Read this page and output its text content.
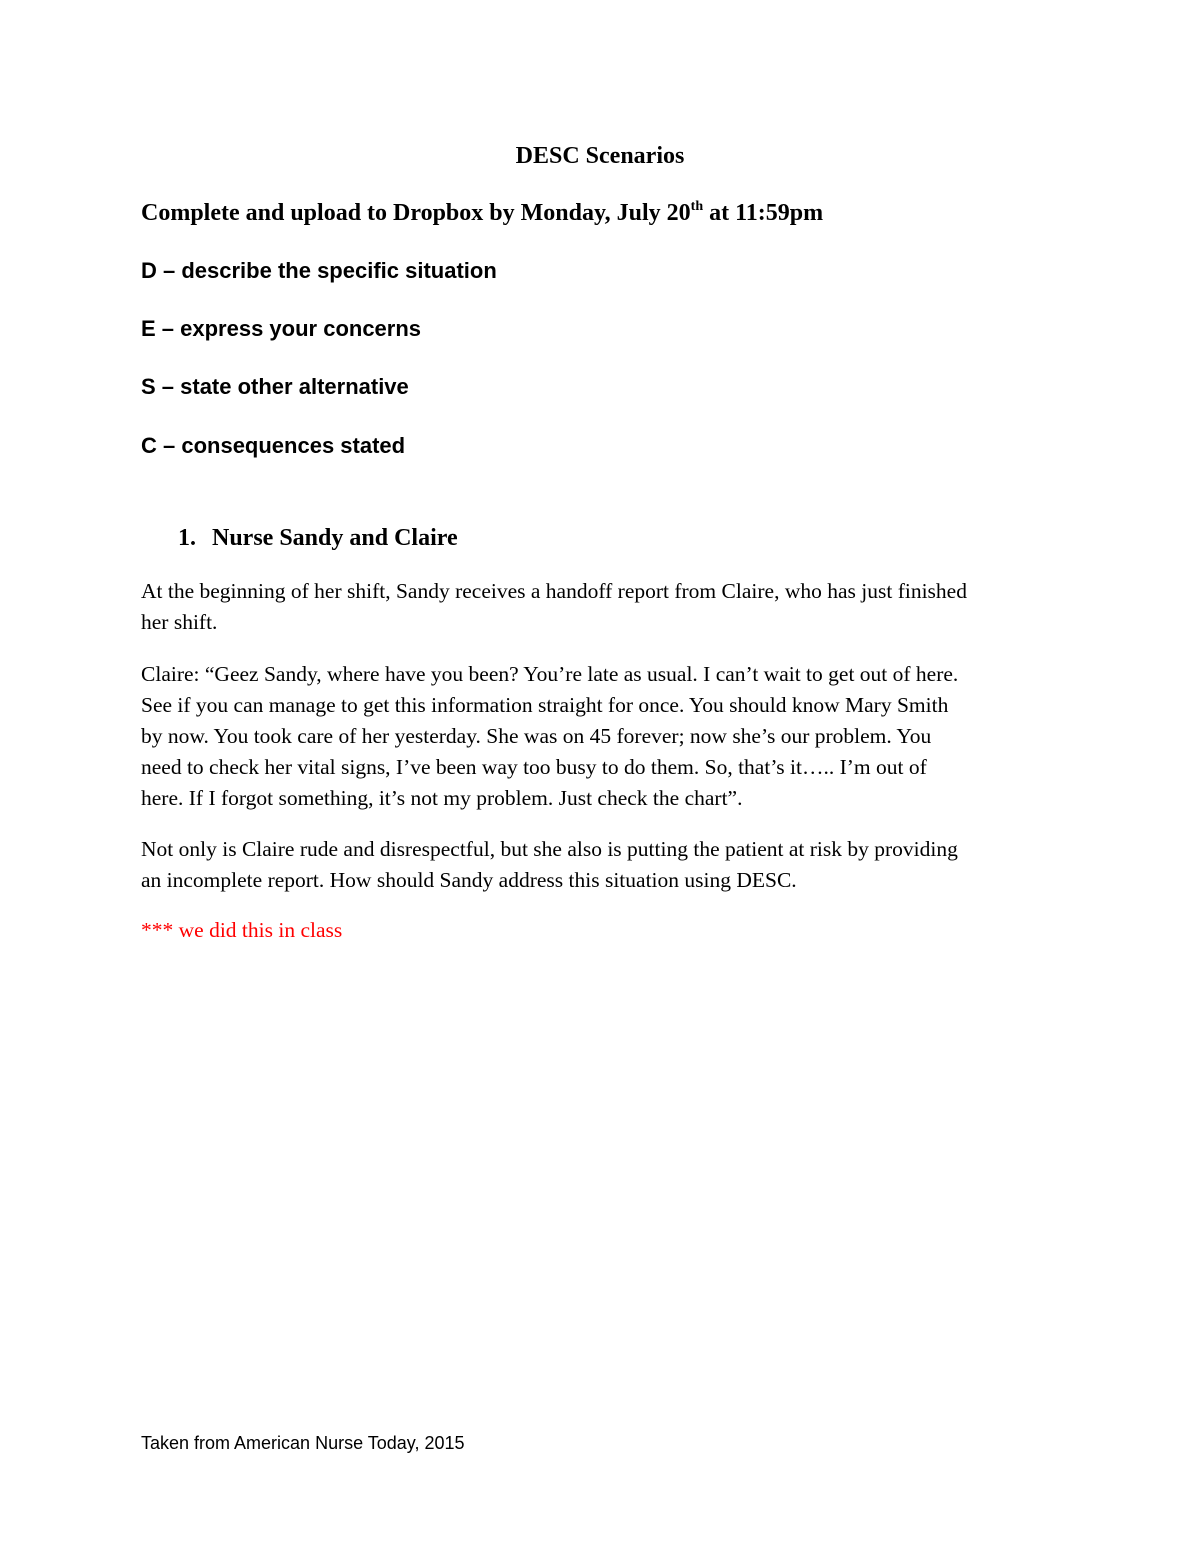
DESC Scenarios
Complete and upload to Dropbox by Monday, July 20th at 11:59pm
D – describe the specific situation
E – express your concerns
S – state other alternative
C – consequences stated
1. Nurse Sandy and Claire
At the beginning of her shift, Sandy receives a handoff report from Claire, who has just finished
her shift.
Claire: “Geez Sandy, where have you been? You’re late as usual. I can’t wait to get out of here.
See if you can manage to get this information straight for once. You should know Mary Smith
by now. You took care of her yesterday. She was on 45 forever; now she’s our problem. You
need to check her vital signs, I’ve been way too busy to do them. So, that’s it….. I’m out of
here. If I forgot something, it’s not my problem. Just check the chart”.
Not only is Claire rude and disrespectful, but she also is putting the patient at risk by providing
an incomplete report. How should Sandy address this situation using DESC.
*** we did this in class
Taken from American Nurse Today, 2015
